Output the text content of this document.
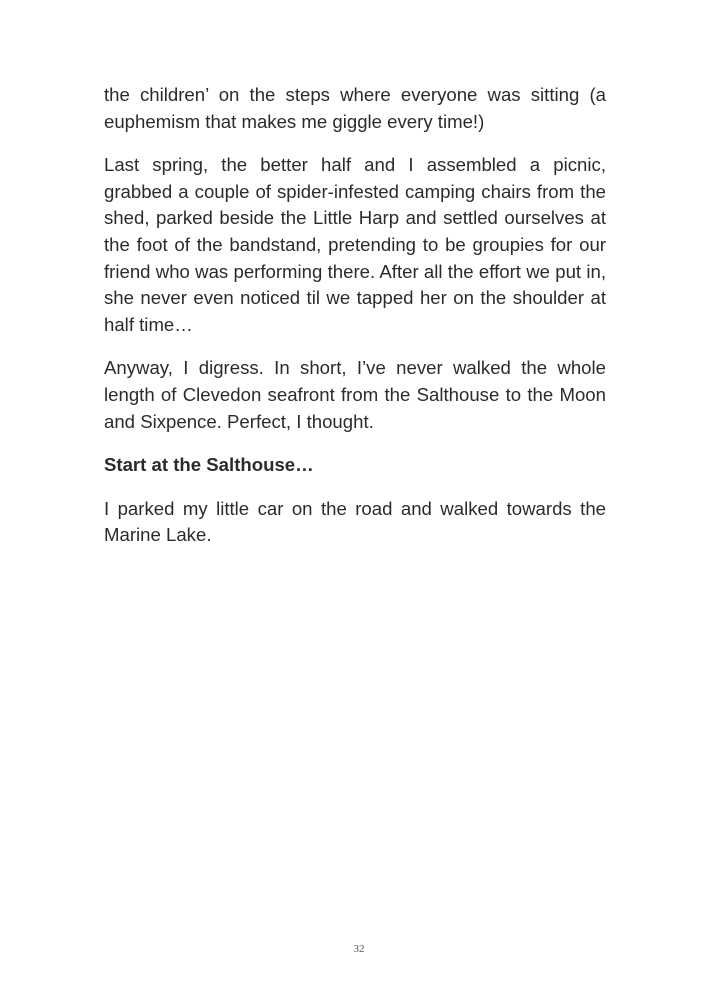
the children’ on the steps where everyone was sitting (a euphemism that makes me giggle every time!)

Last spring, the better half and I assembled a picnic, grabbed a couple of spider-infested camping chairs from the shed, parked beside the Little Harp and settled ourselves at the foot of the bandstand, pretending to be groupies for our friend who was performing there. After all the effort we put in, she never even noticed til we tapped her on the shoulder at half time…

Anyway, I digress. In short, I’ve never walked the whole length of Clevedon seafront from the Salthouse to the Moon and Sixpence. Perfect, I thought.

Start at the Salthouse…

I parked my little car on the road and walked towards the Marine Lake.

32
